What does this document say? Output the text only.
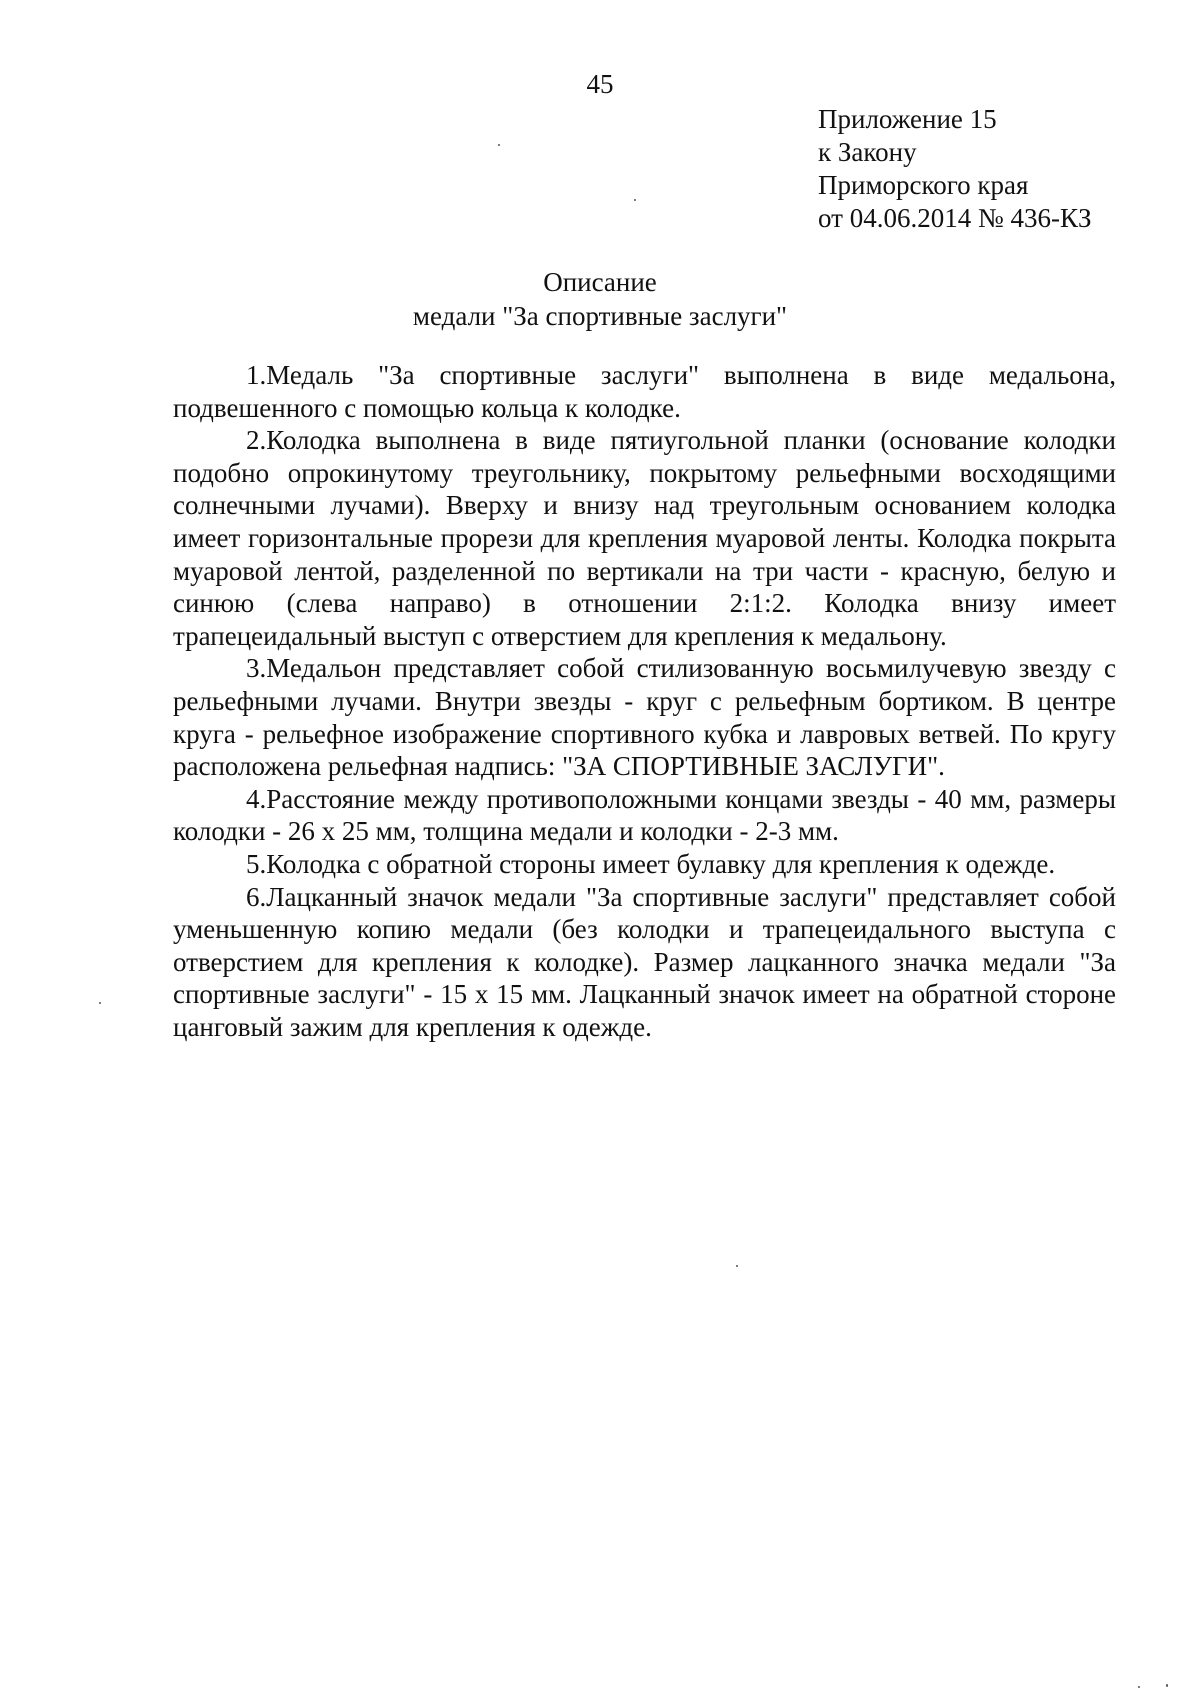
45
Приложение 15
к Закону
Приморского края
от 04.06.2014 № 436-КЗ
Описание
медали "За спортивные заслуги"

1.Медаль "За спортивные заслуги" выполнена в виде медальона, подвешенного с помощью кольца к колодке.

2.Колодка выполнена в виде пятиугольной планки (основание колодки подобно опрокинутому треугольнику, покрытому рельефными восходящими солнечными лучами). Вверху и внизу над треугольным основанием колодка имеет горизонтальные прорези для крепления муаровой ленты. Колодка покрыта муаровой лентой, разделенной по вертикали на три части - красную, белую и синюю (слева направо) в отношении 2:1:2. Колодка внизу имеет трапецеидальный выступ с отверстием для крепления к медальону.

3.Медальон представляет собой стилизованную восьмилучевую звезду с рельефными лучами. Внутри звезды - круг с рельефным бортиком. В центре круга - рельефное изображение спортивного кубка и лавровых ветвей. По кругу расположена рельефная надпись: "ЗА СПОРТИВНЫЕ ЗАСЛУГИ".

4.Расстояние между противоположными концами звезды - 40 мм, размеры колодки - 26 х 25 мм, толщина медали и колодки - 2-3 мм.

5.Колодка с обратной стороны имеет булавку для крепления к одежде.

6.Лацканный значок медали "За спортивные заслуги" представляет собой уменьшенную копию медали (без колодки и трапецеидального выступа с отверстием для крепления к колодке). Размер лацканного значка медали "За спортивные заслуги" - 15 х 15 мм. Лацканный значок имеет на обратной стороне цанговый зажим для крепления к одежде.
